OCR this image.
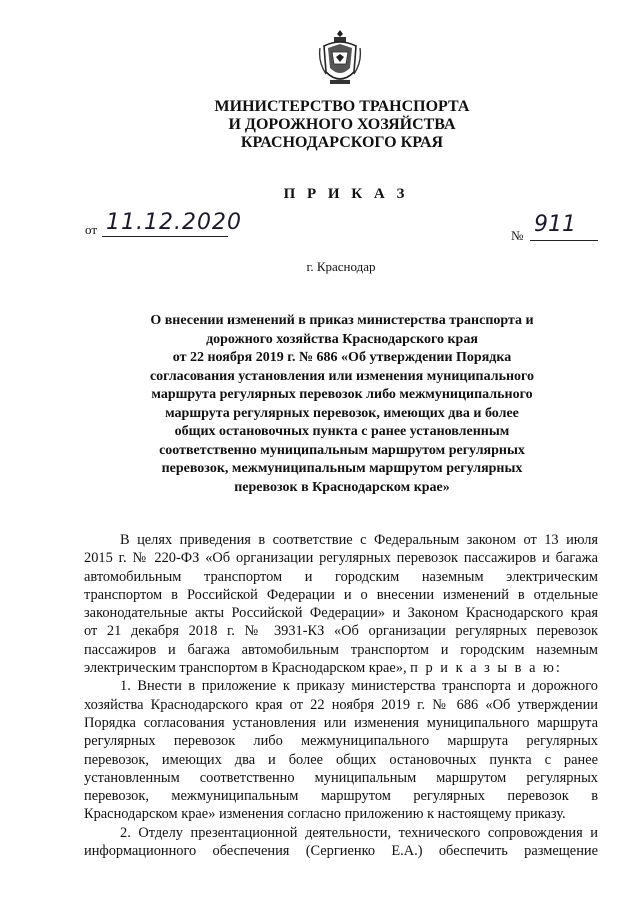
МИНИСТЕРСТВО ТРАНСПОРТА
И ДОРОЖНОГО ХОЗЯЙСТВА
КРАСНОДАРСКОГО КРАЯ
П Р И К А З
от 11.12.2020
№ 911
г. Краснодар
О внесении изменений в приказ министерства транспорта и
дорожного хозяйства Краснодарского края
от 22 ноября 2019 г. № 686 «Об утверждении Порядка
согласования установления или изменения муниципального
маршрута регулярных перевозок либо межмуниципального
маршрута регулярных перевозок, имеющих два и более
общих остановочных пункта с ранее установленным
соответственно муниципальным маршрутом регулярных
перевозок, межмуниципальным маршрутом регулярных
перевозок в Краснодарском крае»
В целях приведения в соответствие с Федеральным законом от 13 июля
2015 г. № 220-ФЗ «Об организации регулярных перевозок пассажиров и багажа
автомобильным транспортом и городским наземным электрическим
транспортом в Российской Федерации и о внесении изменений в отдельные
законодательные акты Российской Федерации» и Законом Краснодарского края
от 21 декабря 2018 г. № 3931-КЗ «Об организации регулярных перевозок
пассажиров и багажа автомобильным транспортом и городским наземным
электрическим транспортом в Краснодарском крае», п р и к а з ы в а ю:
1. Внести в приложение к приказу министерства транспорта и дорожного
хозяйства Краснодарского края от 22 ноября 2019 г. № 686 «Об утверждении
Порядка согласования установления или изменения муниципального маршрута
регулярных перевозок либо межмуниципального маршрута регулярных
перевозок, имеющих два и более общих остановочных пункта с ранее
установленным соответственно муниципальным маршрутом регулярных
перевозок, межмуниципальным маршрутом регулярных перевозок в
Краснодарском крае» изменения согласно приложению к настоящему приказу.
2. Отделу презентационной деятельности, технического сопровождения и
информационного обеспечения (Сергиенко Е.А.) обеспечить размещение
